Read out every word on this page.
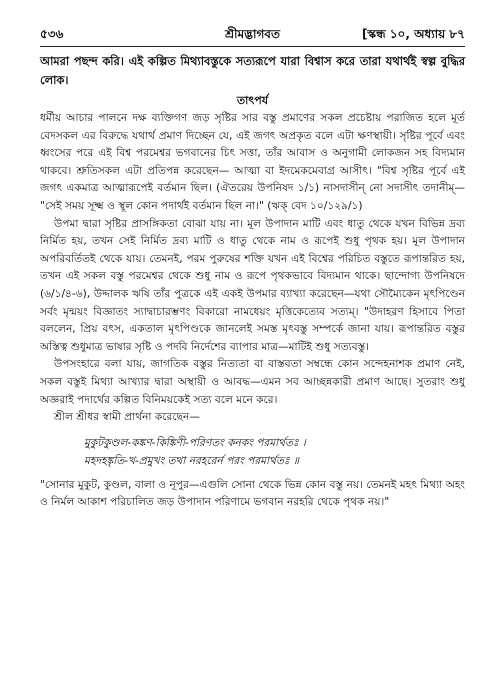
৫৩৬	শ্রীমদ্ভাগবত	[স্কন্ধ ১০, অধ্যায় ৮৭

আমরা পছন্দ করি। এই কল্পিত মিথ্যাবস্তুকে সত্যরূপে যারা বিশ্বাস করে তারা যথার্থই স্বল্প বুদ্ধির লোক।

তাৎপর্য

ধর্মীয় আচার পালনে দক্ষ ব্যক্তিগণ জড় সৃষ্টির সার বস্তু প্রমাণের সকল প্রচেষ্টায় পরাজিত হলে মূর্ত বেদসকল এর বিরুদ্ধে যথার্থ প্রমাণ দিচ্ছেন যে, এই জগৎ অপ্রকৃত বলে এটা ক্ষণস্থায়ী। সৃষ্টির পূর্বে এবং ধ্বংসের পরে এই বিশ্ব পরমেশ্বর ভগবানের চিৎ সত্তা, তাঁর আবাস ও অনুগামী লোকজন সহ বিদ্যমান থাকবে। শ্রুতিসকল এটা প্রতিপন্ন করেছেন— আত্মা বা ইদমেকমেবাগ্র আসীৎ। "বিশ্ব সৃষ্টির পূর্বে এই জগৎ একমাত্র আত্মারূপেই বর্তমান ছিল। (ঐতরেয় উপনিষদ ১/১) নাসদাসীন্ নো সদাসীৎ তদানীম্— "সেই সময় সূক্ষ্ম ও স্থূল কোন পদার্থই বর্তমান ছিল না।" (ঋক্ বেদ ১০/১২৯/১)

উপমা দ্বারা সৃষ্টির প্রাসঙ্গিকতা বোঝা যায় না। মূল উপাদান মাটি এবং ধাতু থেকে যখন বিভিন্ন দ্রব্য নির্মিত হয়, তখন সেই নির্মিত দ্রব্য মাটি ও ধাতু থেকে নাম ও রূপেই শুধু পৃথক হয়। মূল উপাদান অপরিবর্তিতই থেকে যায়। তেমনই, পরম পুরুষের শক্তি যখন এই বিশ্বের পরিচিত বস্তুতে রূপান্তরিত হয়, তখন এই সকল বস্তু পরমেশ্বর থেকে শুধু নাম ও রূপে পৃথকভাবে বিদ্যমান থাকে। ছান্দোগ্য উপনিষদে (৬/১/৪-৬), উদ্দালক ঋষি তাঁর পুত্রকে এই একই উপমার ব্যাখ্যা করেছেন—যথা সৌম্যৈকেন মৃৎপিণ্ডেন সর্বং মৃন্ময়ং বিজ্ঞাতং স্যাদ্বাচারম্ভণং বিকারো নামধেয়ং মৃত্তিকেত্যেব সত্যম্। "উদাহরণ হিসাবে পিতা বললেন, প্রিয় বৎস, একতাল মৃৎপিণ্ডকে জানলেই সমস্ত মৃৎবস্তু সম্পর্কে জানা যায়। রূপান্তরিত বস্তুর অস্তিত্ব শুধুমাত্র ভাষার সৃষ্টি ও পদবি নির্দেশের ব্যাপার মাত্র—মাটিই শুধু সত্যবস্তু।

উপসংহারে বলা যায়, জাগতিক বস্তুর নিত্যতা বা বাস্তবতা সম্বন্ধে কোন সন্দেহনাশক প্রমাণ নেই, সকল বস্তুই মিথ্যা আখ্যার দ্বারা অস্থায়ী ও আবদ্ধ—এমন সব আচ্ছন্নকারী প্রমাণ আছে। সুতরাং শুধু অজ্ঞরাই পদার্থের কল্পিত বিনিময়কেই সত্য বলে মনে করে।

শ্রীল শ্রীধর স্বামী প্রার্থনা করেছেন—

মুকুটকুণ্ডল-কঙ্কণ-কিঙ্কিণী-পরিণতং কনকং পরমার্থতঃ ।

মহদহঙ্কৃতি-খ-প্রমুখং তথা নরহরের্ন পরং পরমার্থতঃ ॥

"সোনার মুকুট, কুণ্ডল, বালা ও নূপুর—এগুলি সোনা থেকে ভিন্ন কোন বস্তু নয়। তেমনই মহৎ মিথ্যা অহং ও নির্মল আকাশ পরিচালিত জড় উপাদান পরিণামে ভগবান নরহরি থেকে পৃথক নয়।"
